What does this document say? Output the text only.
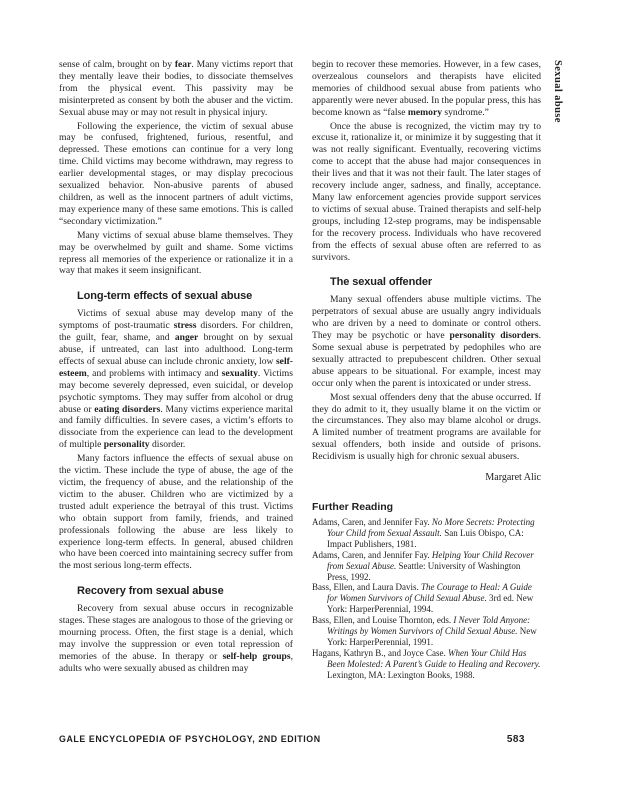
sense of calm, brought on by fear. Many victims report that they mentally leave their bodies, to dissociate themselves from the physical event. This passivity may be misinterpreted as consent by both the abuser and the victim. Sexual abuse may or may not result in physical injury.

Following the experience, the victim of sexual abuse may be confused, frightened, furious, resentful, and depressed. These emotions can continue for a very long time. Child victims may become withdrawn, may regress to earlier developmental stages, or may display precocious sexualized behavior. Non-abusive parents of abused children, as well as the innocent partners of adult victims, may experience many of these same emotions. This is called “secondary victimization.”

Many victims of sexual abuse blame themselves. They may be overwhelmed by guilt and shame. Some victims repress all memories of the experience or rationalize it in a way that makes it seem insignificant.

Long-term effects of sexual abuse

Victims of sexual abuse may develop many of the symptoms of post-traumatic stress disorders. For children, the guilt, fear, shame, and anger brought on by sexual abuse, if untreated, can last into adulthood. Long-term effects of sexual abuse can include chronic anxiety, low self-esteem, and problems with intimacy and sexuality. Victims may become severely depressed, even suicidal, or develop psychotic symptoms. They may suffer from alcohol or drug abuse or eating disorders. Many victims experience marital and family difficulties. In severe cases, a victim’s efforts to dissociate from the experience can lead to the development of multiple personality disorder.

Many factors influence the effects of sexual abuse on the victim. These include the type of abuse, the age of the victim, the frequency of abuse, and the relationship of the victim to the abuser. Children who are victimized by a trusted adult experience the betrayal of this trust. Victims who obtain support from family, friends, and trained professionals following the abuse are less likely to experience long-term effects. In general, abused children who have been coerced into maintaining secrecy suffer from the most serious long-term effects.

Recovery from sexual abuse

Recovery from sexual abuse occurs in recognizable stages. These stages are analogous to those of the grieving or mourning process. Often, the first stage is a denial, which may involve the suppression or even total repression of memories of the abuse. In therapy or self-help groups, adults who were sexually abused as children may

begin to recover these memories. However, in a few cases, overzealous counselors and therapists have elicited memories of childhood sexual abuse from patients who apparently were never abused. In the popular press, this has become known as “false memory syndrome.”

Once the abuse is recognized, the victim may try to excuse it, rationalize it, or minimize it by suggesting that it was not really significant. Eventually, recovering victims come to accept that the abuse had major consequences in their lives and that it was not their fault. The later stages of recovery include anger, sadness, and finally, acceptance. Many law enforcement agencies provide support services to victims of sexual abuse. Trained therapists and self-help groups, including 12-step programs, may be indispensable for the recovery process. Individuals who have recovered from the effects of sexual abuse often are referred to as survivors.

The sexual offender

Many sexual offenders abuse multiple victims. The perpetrators of sexual abuse are usually angry individuals who are driven by a need to dominate or control others. They may be psychotic or have personality disorders. Some sexual abuse is perpetrated by pedophiles who are sexually attracted to prepubescent children. Other sexual abuse appears to be situational. For example, incest may occur only when the parent is intoxicated or under stress.

Most sexual offenders deny that the abuse occurred. If they do admit to it, they usually blame it on the victim or the circumstances. They also may blame alcohol or drugs. A limited number of treatment programs are available for sexual offenders, both inside and outside of prisons. Recidivism is usually high for chronic sexual abusers.

Margaret Alic

Further Reading

Adams, Caren, and Jennifer Fay. No More Secrets: Protecting Your Child from Sexual Assault. San Luis Obispo, CA: Impact Publishers, 1981.

Adams, Caren, and Jennifer Fay. Helping Your Child Recover from Sexual Abuse. Seattle: University of Washington Press, 1992.

Bass, Ellen, and Laura Davis. The Courage to Heal: A Guide for Women Survivors of Child Sexual Abuse. 3rd ed. New York: HarperPerennial, 1994.

Bass, Ellen, and Louise Thornton, eds. I Never Told Anyone: Writings by Women Survivors of Child Sexual Abuse. New York: HarperPerennial, 1991.

Hagans, Kathryn B., and Joyce Case. When Your Child Has Been Molested: A Parent’s Guide to Healing and Recovery. Lexington, MA: Lexington Books, 1988.

Sexual abuse
GALE ENCYCLOPEDIA OF PSYCHOLOGY, 2ND EDITION	583
